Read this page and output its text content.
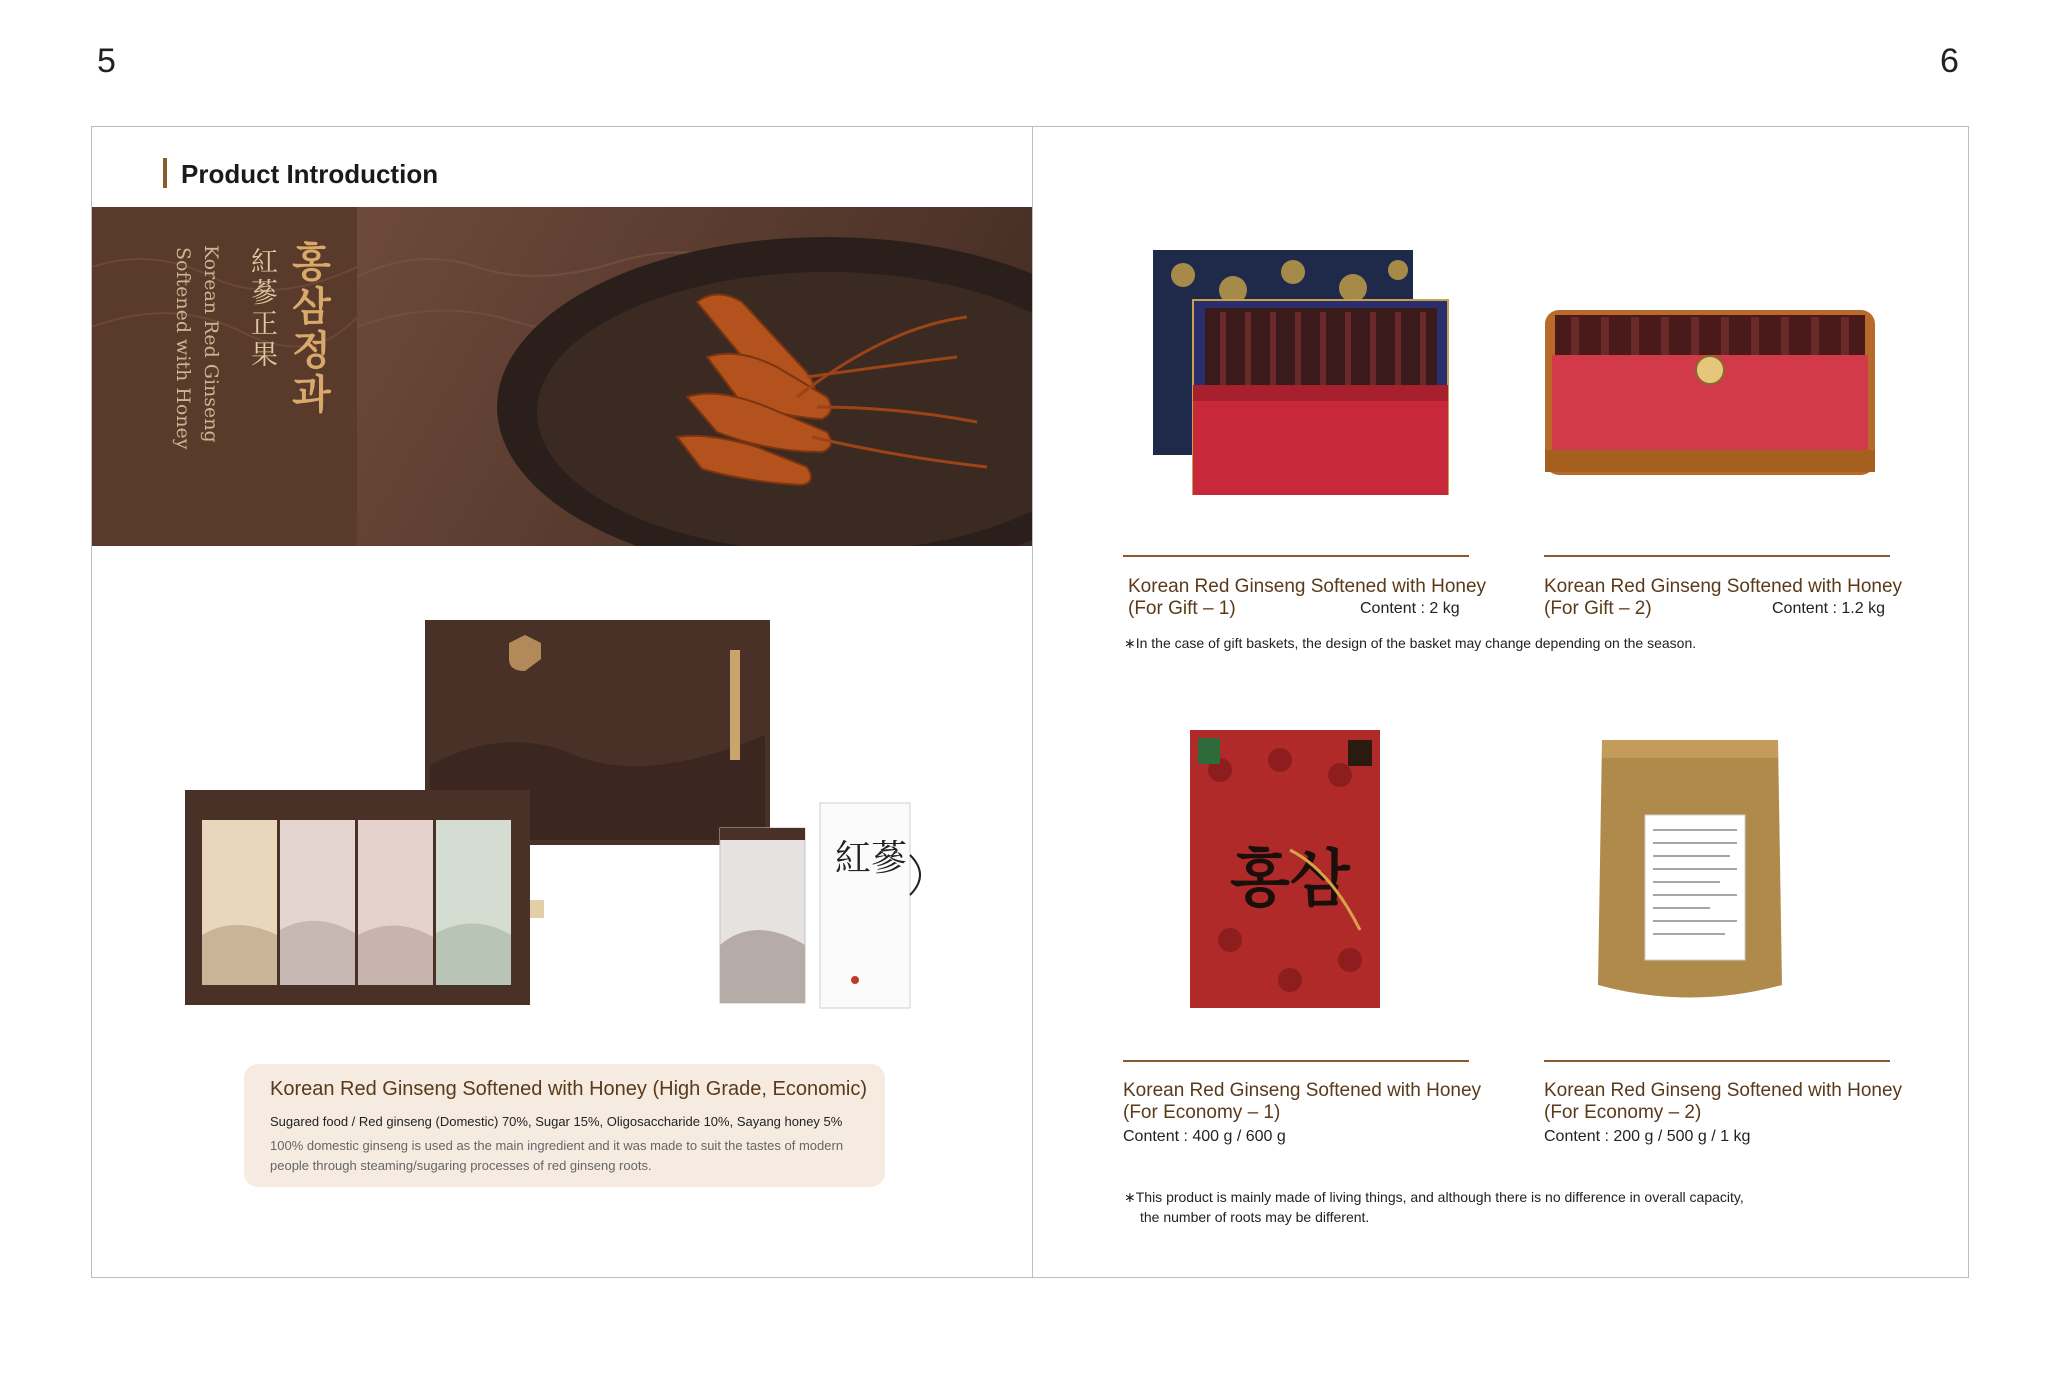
5	6
Product Introduction
홍삼정과
紅蔘正果
Korean Red Ginseng
Softened with Honey
紅蔘
Korean Red Ginseng Softened with Honey (High Grade, Economic)
Sugared food / Red ginseng (Domestic) 70%, Sugar 15%, Oligosaccharide 10%, Sayang honey 5%
100% domestic ginseng is used as the main ingredient and it was made to suit the tastes of modern people through steaming/sugaring processes of red ginseng roots.
홍삼
Korean Red Ginseng Softened with Honey
(For Gift – 1)	Content : 2 kg
Korean Red Ginseng Softened with Honey
(For Gift – 2)	Content : 1.2 kg
∗In the case of gift baskets, the design of the basket may change depending on the season.
Korean Red Ginseng Softened with Honey
(For Economy – 1)
Content : 400 g / 600 g
Korean Red Ginseng Softened with Honey
(For Economy – 2)
Content : 200 g / 500 g / 1 kg
∗This product is mainly made of living things, and although there is no difference in overall capacity,
the number of roots may be different.
